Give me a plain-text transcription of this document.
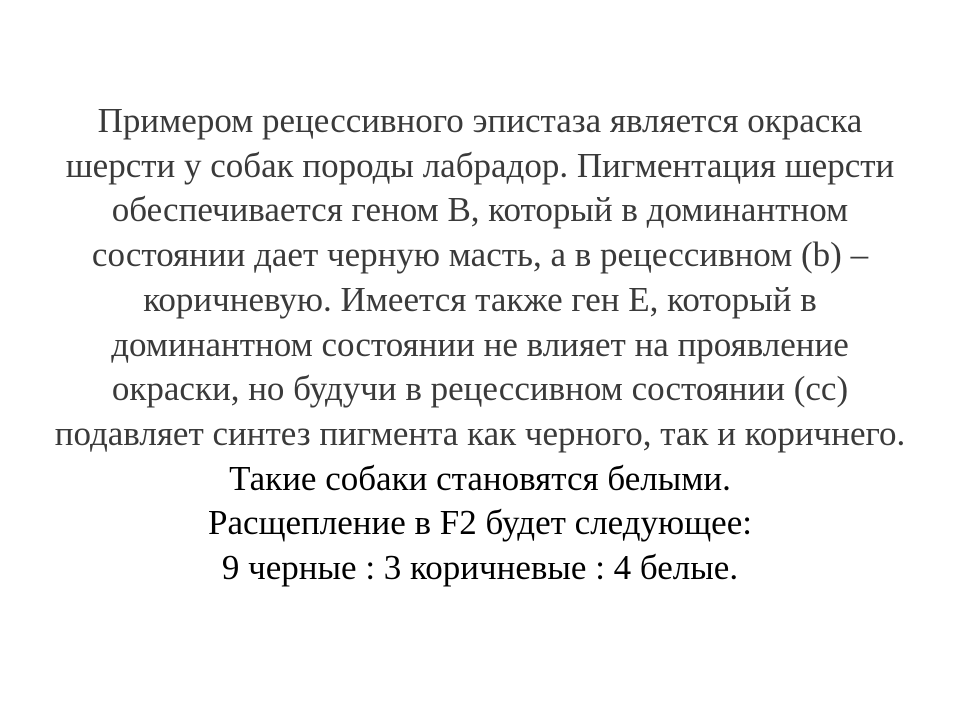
Примером рецессивного эпистаза является окраска
шерсти у собак породы лабрадор. Пигментация шерсти
обеспечивается геном В, который в доминантном
состоянии дает черную масть, а в рецессивном (b) –
коричневую. Имеется также ген Е, который в
доминантном состоянии не влияет на проявление
окраски, но будучи в рецессивном состоянии (сс)
подавляет синтез пигмента как черного, так и коричнего.
Такие собаки становятся белыми.
Расщепление в F2 будет следующее:
9 черные : 3 коричневые : 4 белые.
